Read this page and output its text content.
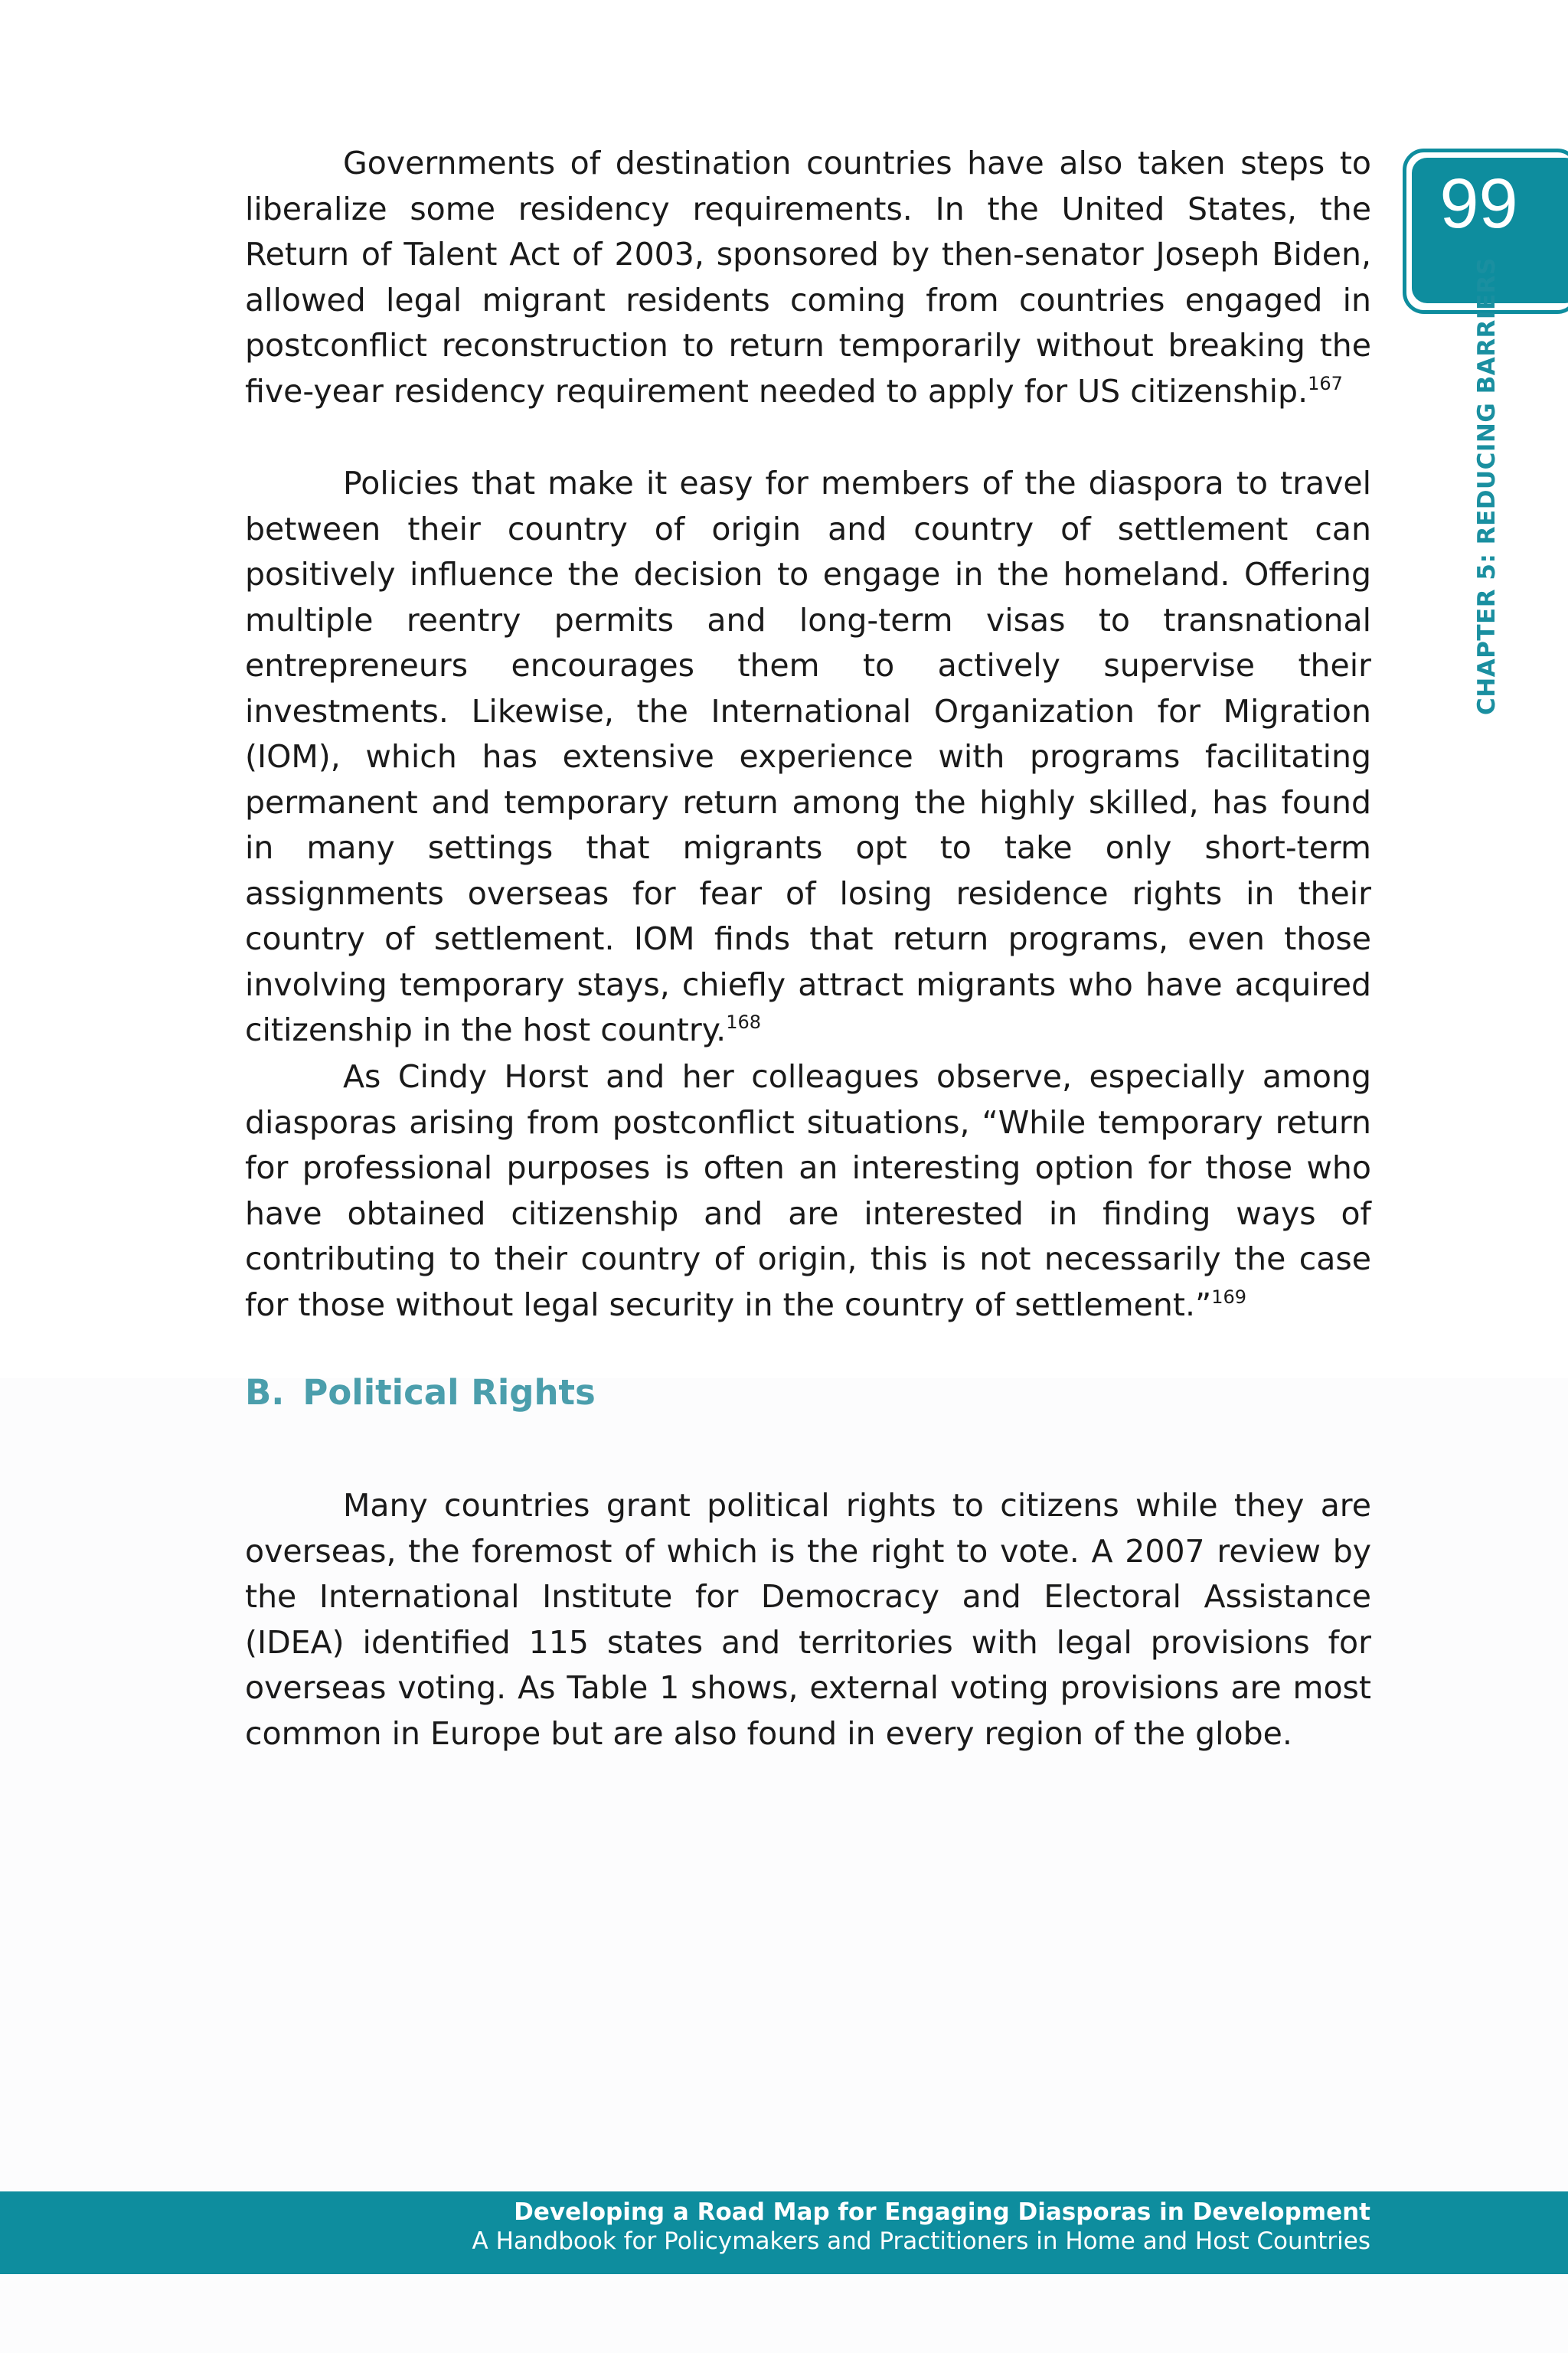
99
CHAPTER 5: REDUCING BARRIERS

Governments of destination countries have also taken steps to liberalize some residency requirements. In the United States, the Return of Talent Act of 2003, sponsored by then-senator Joseph Biden, allowed legal migrant residents coming from countries engaged in postconflict reconstruction to return temporarily without breaking the five-year residency requirement needed to apply for US citizenship.$^{167}$

Policies that make it easy for members of the diaspora to travel between their country of origin and country of settlement can positively influence the decision to engage in the homeland. Offering multiple reentry permits and long-term visas to transnational entrepreneurs encourages them to actively supervise their investments. Likewise, the International Organization for Migration (IOM), which has extensive experience with programs facilitating permanent and temporary return among the highly skilled, has found in many settings that migrants opt to take only short-term assignments overseas for fear of losing residence rights in their country of settlement. IOM finds that return programs, even those involving temporary stays, chiefly attract migrants who have acquired citizenship in the host country.$^{168}$

As Cindy Horst and her colleagues observe, especially among diasporas arising from postconflict situations, “While temporary return for professional purposes is often an interesting option for those who have obtained citizenship and are interested in finding ways of contributing to their country of origin, this is not necessarily the case for those without legal security in the country of settlement.”$^{169}$

B. Political Rights

Many countries grant political rights to citizens while they are overseas, the foremost of which is the right to vote. A 2007 review by the International Institute for Democracy and Electoral Assistance (IDEA) identified 115 states and territories with legal provisions for overseas voting. As Table 1 shows, external voting provisions are most common in Europe but are also found in every region of the globe.

Developing a Road Map for Engaging Diasporas in Development
A Handbook for Policymakers and Practitioners in Home and Host Countries
